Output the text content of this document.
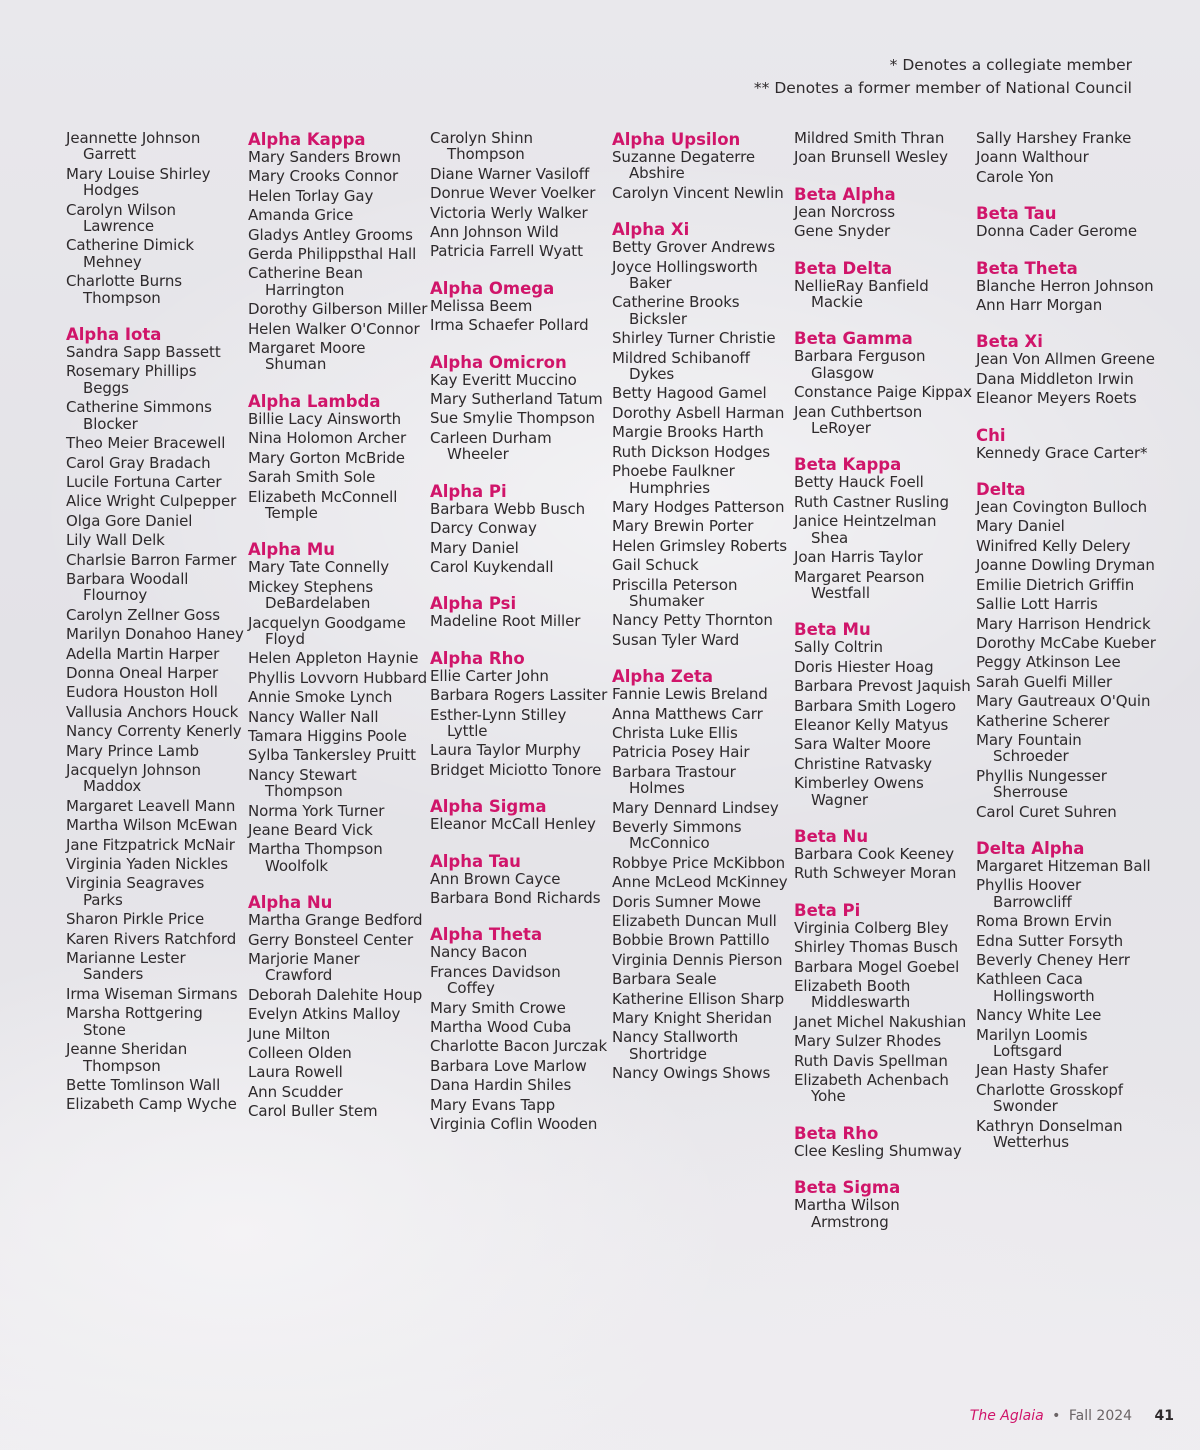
* Denotes a collegiate member
** Denotes a former member of National Council
Jeannette Johnson Garrett
Mary Louise Shirley Hodges
Carolyn Wilson Lawrence
Catherine Dimick Mehney
Charlotte Burns Thompson
Alpha Iota
Sandra Sapp Bassett
Rosemary Phillips Beggs
Catherine Simmons Blocker
Theo Meier Bracewell
Carol Gray Bradach
Lucile Fortuna Carter
Alice Wright Culpepper
Olga Gore Daniel
Lily Wall Delk
Charlsie Barron Farmer
Barbara Woodall Flournoy
Carolyn Zellner Goss
Marilyn Donahoo Haney
Adella Martin Harper
Donna Oneal Harper
Eudora Houston Holl
Vallusia Anchors Houck
Nancy Correnty Kenerly
Mary Prince Lamb
Jacquelyn Johnson Maddox
Margaret Leavell Mann
Martha Wilson McEwan
Jane Fitzpatrick McNair
Virginia Yaden Nickles
Virginia Seagraves Parks
Sharon Pirkle Price
Karen Rivers Ratchford
Marianne Lester Sanders
Irma Wiseman Sirmans
Marsha Rottgering Stone
Jeanne Sheridan Thompson
Bette Tomlinson Wall
Elizabeth Camp Wyche
Alpha Kappa
Mary Sanders Brown
Mary Crooks Connor
Helen Torlay Gay
Amanda Grice
Gladys Antley Grooms
Gerda Philippsthal Hall
Catherine Bean Harrington
Dorothy Gilberson Miller
Helen Walker O'Connor
Margaret Moore Shuman
Alpha Lambda
Billie Lacy Ainsworth
Nina Holomon Archer
Mary Gorton McBride
Sarah Smith Sole
Elizabeth McConnell Temple
Alpha Mu
Mary Tate Connelly
Mickey Stephens DeBardelaben
Jacquelyn Goodgame Floyd
Helen Appleton Haynie
Phyllis Lovvorn Hubbard
Annie Smoke Lynch
Nancy Waller Nall
Tamara Higgins Poole
Sylba Tankersley Pruitt
Nancy Stewart Thompson
Norma York Turner
Jeane Beard Vick
Martha Thompson Woolfolk
Alpha Nu
Martha Grange Bedford
Gerry Bonsteel Center
Marjorie Maner Crawford
Deborah Dalehite Houp
Evelyn Atkins Malloy
June Milton
Colleen Olden
Laura Rowell
Ann Scudder
Carol Buller Stem
Carolyn Shinn Thompson
Diane Warner Vasiloff
Donrue Wever Voelker
Victoria Werly Walker
Ann Johnson Wild
Patricia Farrell Wyatt
Alpha Omega
Melissa Beem
Irma Schaefer Pollard
Alpha Omicron
Kay Everitt Muccino
Mary Sutherland Tatum
Sue Smylie Thompson
Carleen Durham Wheeler
Alpha Pi
Barbara Webb Busch
Darcy Conway
Mary Daniel
Carol Kuykendall
Alpha Psi
Madeline Root Miller
Alpha Rho
Ellie Carter John
Barbara Rogers Lassiter
Esther-Lynn Stilley Lyttle
Laura Taylor Murphy
Bridget Miciotto Tonore
Alpha Sigma
Eleanor McCall Henley
Alpha Tau
Ann Brown Cayce
Barbara Bond Richards
Alpha Theta
Nancy Bacon
Frances Davidson Coffey
Mary Smith Crowe
Martha Wood Cuba
Charlotte Bacon Jurczak
Barbara Love Marlow
Dana Hardin Shiles
Mary Evans Tapp
Virginia Coflin Wooden
Alpha Upsilon
Suzanne Degaterre Abshire
Carolyn Vincent Newlin
Alpha Xi
Betty Grover Andrews
Joyce Hollingsworth Baker
Catherine Brooks Bicksler
Shirley Turner Christie
Mildred Schibanoff Dykes
Betty Hagood Gamel
Dorothy Asbell Harman
Margie Brooks Harth
Ruth Dickson Hodges
Phoebe Faulkner Humphries
Mary Hodges Patterson
Mary Brewin Porter
Helen Grimsley Roberts
Gail Schuck
Priscilla Peterson Shumaker
Nancy Petty Thornton
Susan Tyler Ward
Alpha Zeta
Fannie Lewis Breland
Anna Matthews Carr
Christa Luke Ellis
Patricia Posey Hair
Barbara Trastour Holmes
Mary Dennard Lindsey
Beverly Simmons McConnico
Robbye Price McKibbon
Anne McLeod McKinney
Doris Sumner Mowe
Elizabeth Duncan Mull
Bobbie Brown Pattillo
Virginia Dennis Pierson
Barbara Seale
Katherine Ellison Sharp
Mary Knight Sheridan
Nancy Stallworth Shortridge
Nancy Owings Shows
Mildred Smith Thran
Joan Brunsell Wesley
Beta Alpha
Jean Norcross
Gene Snyder
Beta Delta
NellieRay Banfield Mackie
Beta Gamma
Barbara Ferguson Glasgow
Constance Paige Kippax
Jean Cuthbertson LeRoyer
Beta Kappa
Betty Hauck Foell
Ruth Castner Rusling
Janice Heintzelman Shea
Joan Harris Taylor
Margaret Pearson Westfall
Beta Mu
Sally Coltrin
Doris Hiester Hoag
Barbara Prevost Jaquish
Barbara Smith Logero
Eleanor Kelly Matyus
Sara Walter Moore
Christine Ratvasky
Kimberley Owens Wagner
Beta Nu
Barbara Cook Keeney
Ruth Schweyer Moran
Beta Pi
Virginia Colberg Bley
Shirley Thomas Busch
Barbara Mogel Goebel
Elizabeth Booth Middleswarth
Janet Michel Nakushian
Mary Sulzer Rhodes
Ruth Davis Spellman
Elizabeth Achenbach Yohe
Beta Rho
Clee Kesling Shumway
Beta Sigma
Martha Wilson Armstrong
Sally Harshey Franke
Joann Walthour
Carole Yon
Beta Tau
Donna Cader Gerome
Beta Theta
Blanche Herron Johnson
Ann Harr Morgan
Beta Xi
Jean Von Allmen Greene
Dana Middleton Irwin
Eleanor Meyers Roets
Chi
Kennedy Grace Carter*
Delta
Jean Covington Bulloch
Mary Daniel
Winifred Kelly Delery
Joanne Dowling Dryman
Emilie Dietrich Griffin
Sallie Lott Harris
Mary Harrison Hendrick
Dorothy McCabe Kueber
Peggy Atkinson Lee
Sarah Guelfi Miller
Mary Gautreaux O'Quin
Katherine Scherer
Mary Fountain Schroeder
Phyllis Nungesser Sherrouse
Carol Curet Suhren
Delta Alpha
Margaret Hitzeman Ball
Phyllis Hoover Barrowcliff
Roma Brown Ervin
Edna Sutter Forsyth
Beverly Cheney Herr
Kathleen Caca Hollingsworth
Nancy White Lee
Marilyn Loomis Loftsgard
Jean Hasty Shafer
Charlotte Grosskopf Swonder
Kathryn Donselman Wetterhus
The Aglaia • Fall 2024 41
